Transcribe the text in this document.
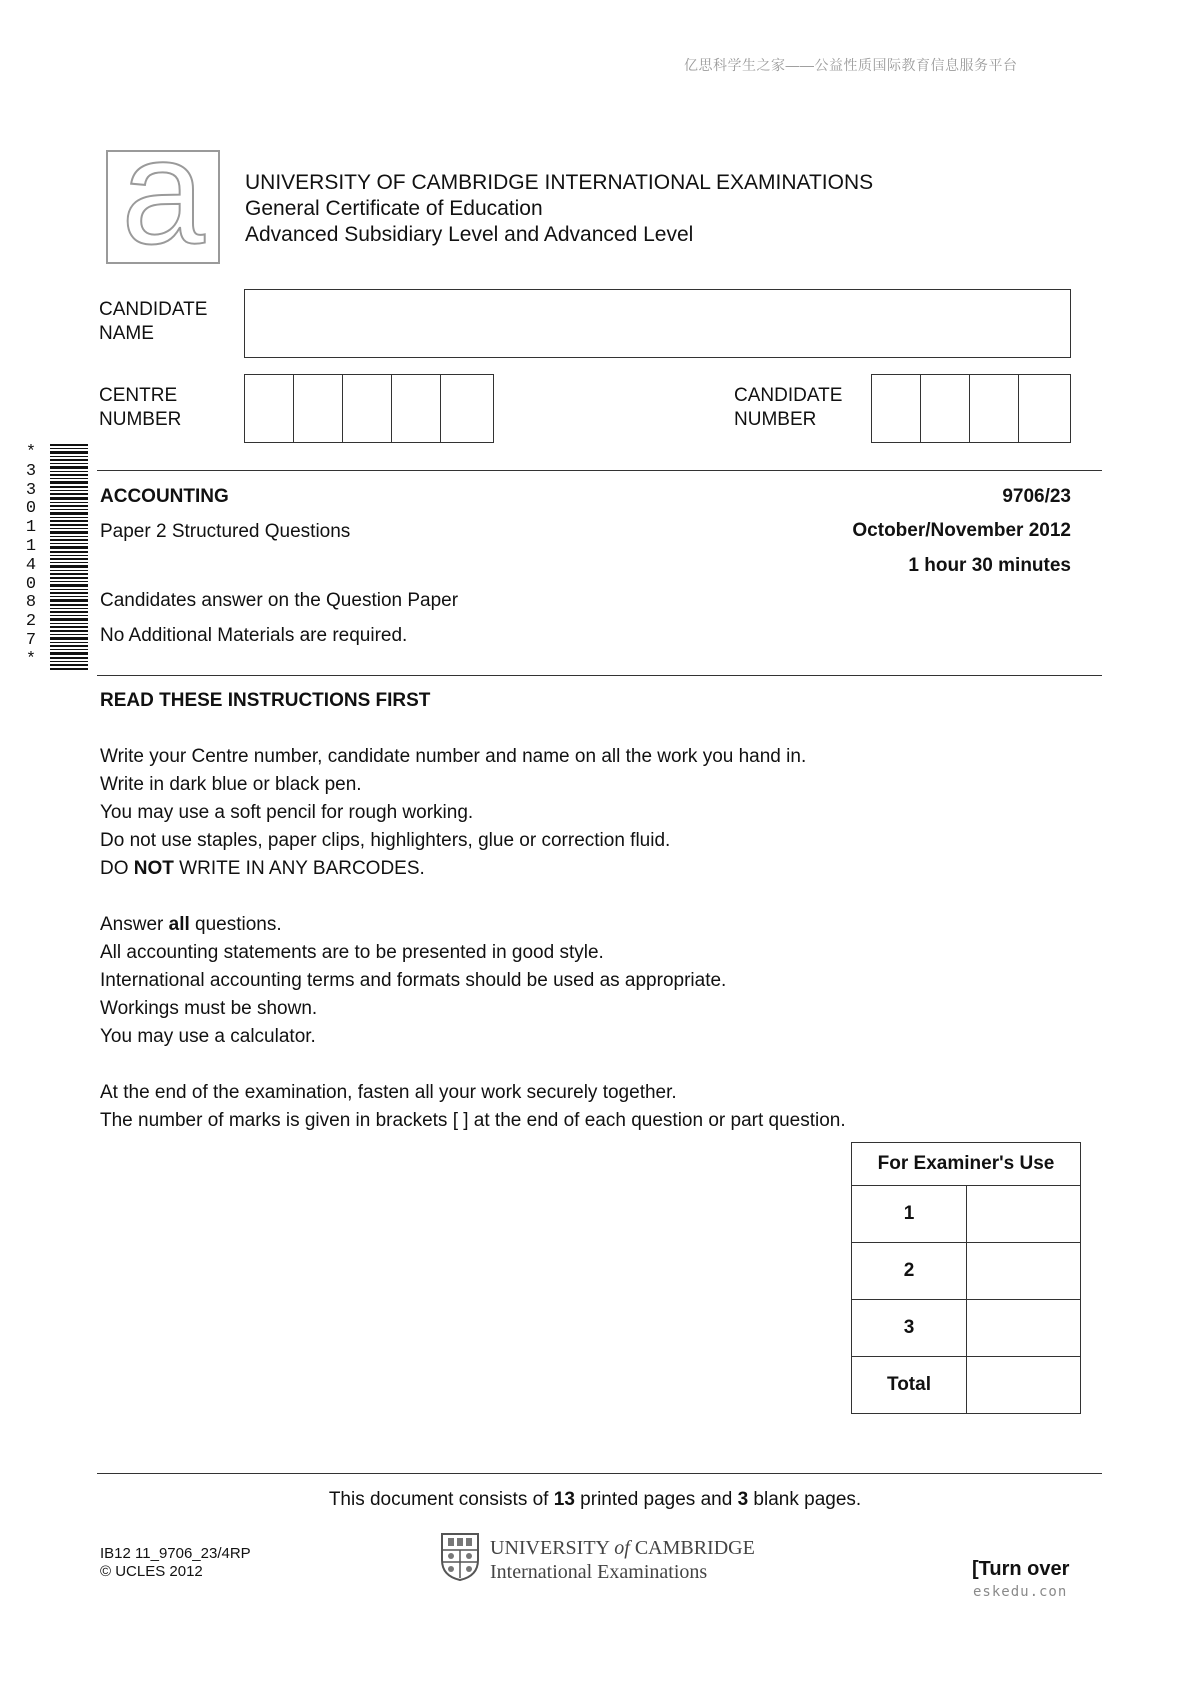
亿思科学生之家——公益性质国际教育信息服务平台
a	UNIVERSITY OF CAMBRIDGE INTERNATIONAL EXAMINATIONS
General Certificate of Education
Advanced Subsidiary Level and Advanced Level
CANDIDATE
NAME
CENTRE
NUMBER
CANDIDATE
NUMBER
*
3
3
0
1
1
4
0
8
2
7
*
ACCOUNTING	9706/23
Paper 2 Structured Questions	October/November 2012
1 hour 30 minutes
Candidates answer on the Question Paper
No Additional Materials are required.
READ THESE INSTRUCTIONS FIRST

Write your Centre number, candidate number and name on all the work you hand in.

Write in dark blue or black pen.

You may use a soft pencil for rough working.

Do not use staples, paper clips, highlighters, glue or correction fluid.

DO NOT WRITE IN ANY BARCODES.

Answer all questions.

All accounting statements are to be presented in good style.

International accounting terms and formats should be used as appropriate.

Workings must be shown.

You may use a calculator.

At the end of the examination, fasten all your work securely together.

The number of marks is given in brackets [ ] at the end of each question or part question.

For Examiner's Use	
1	
2	
3	
Total	
This document consists of 13 printed pages and 3 blank pages.
IB12 11_9706_23/4RP
© UCLES 2012
UNIVERSITY of CAMBRIDGE
International Examinations	[Turn over
eskedu.con
